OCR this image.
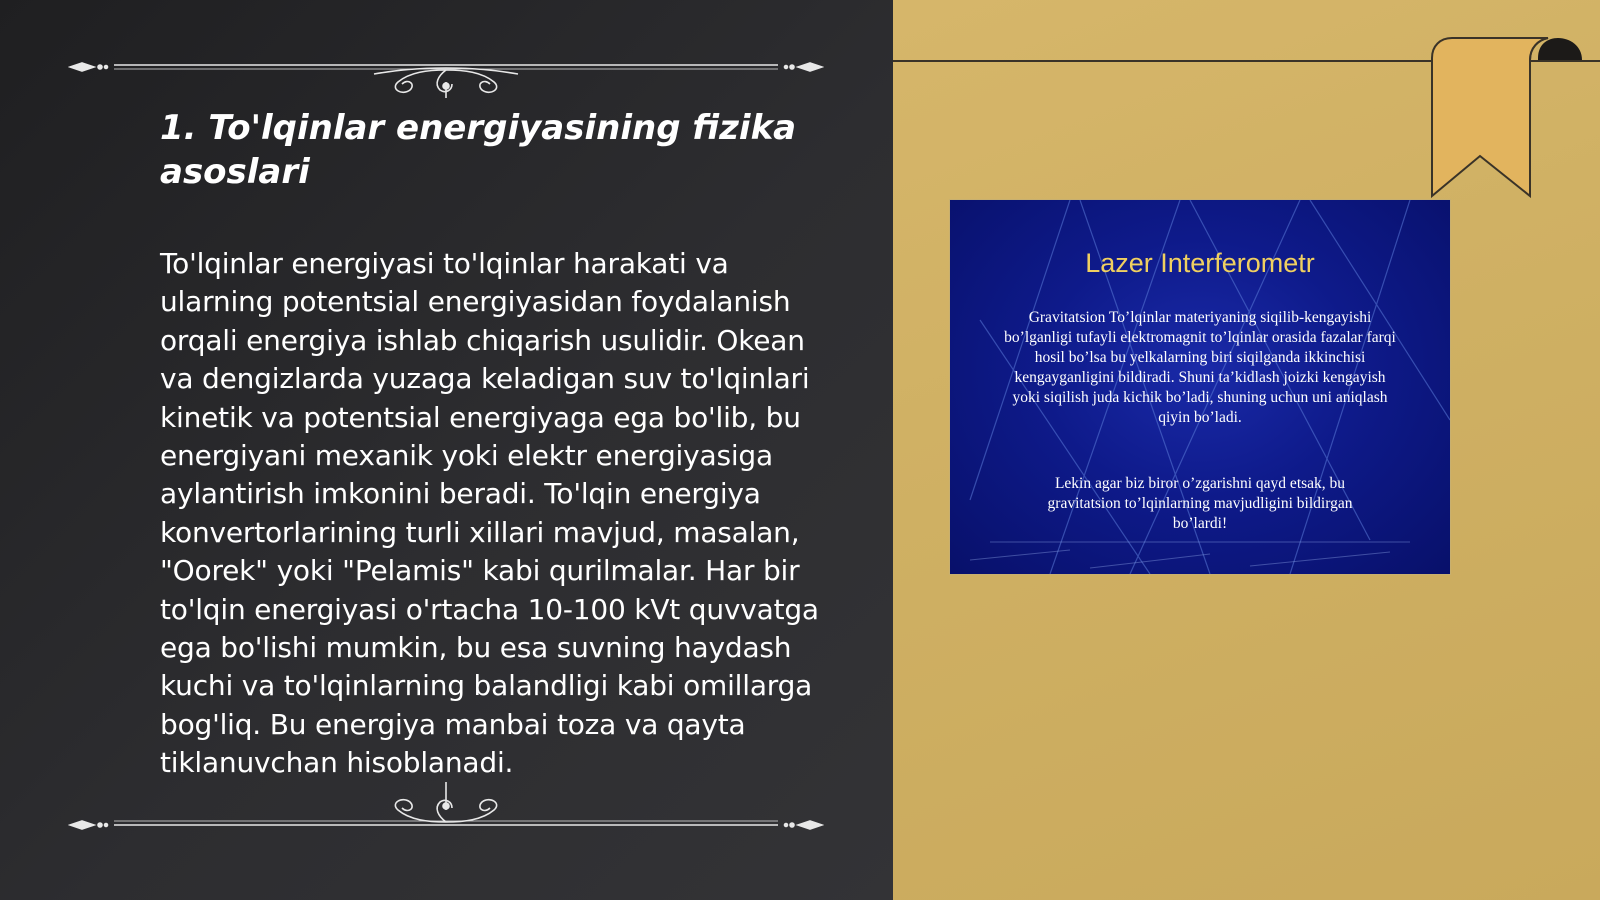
1. To'lqinlar energiyasining fizika asoslari

To'lqinlar energiyasi to'lqinlar harakati va ularning potentsial energiyasidan foydalanish orqali energiya ishlab chiqarish usulidir. Okean va dengizlarda yuzaga keladigan suv to'lqinlari kinetik va potentsial energiyaga ega bo'lib, bu energiyani mexanik yoki elektr energiyasiga aylantirish imkonini beradi. To'lqin energiya konvertorlarining turli xillari mavjud, masalan, "Oorek" yoki "Pelamis" kabi qurilmalar. Har bir to'lqin energiyasi o'rtacha 10-100 kVt quvvatga ega bo'lishi mumkin, bu esa suvning haydash kuchi va to'lqinlarning balandligi kabi omillarga bog'liq. Bu energiya manbai toza va qayta tiklanuvchan hisoblanadi.

Lazer Interferometr
Gravitatsion To’lqinlar materiyaning siqilib-kengayishi bo’lganligi tufayli elektromagnit to’lqinlar orasida fazalar farqi hosil bo’lsa bu yelkalarning biri siqilganda ikkinchisi kengayganligini bildiradi. Shuni ta’kidlash joizki kengayish yoki siqilish juda kichik bo’ladi, shuning uchun uni aniqlash qiyin bo’ladi.
Lekin agar biz biror o’zgarishni qayd etsak, bu gravitatsion to’lqinlarning mavjudligini bildirgan bo’lardi!
